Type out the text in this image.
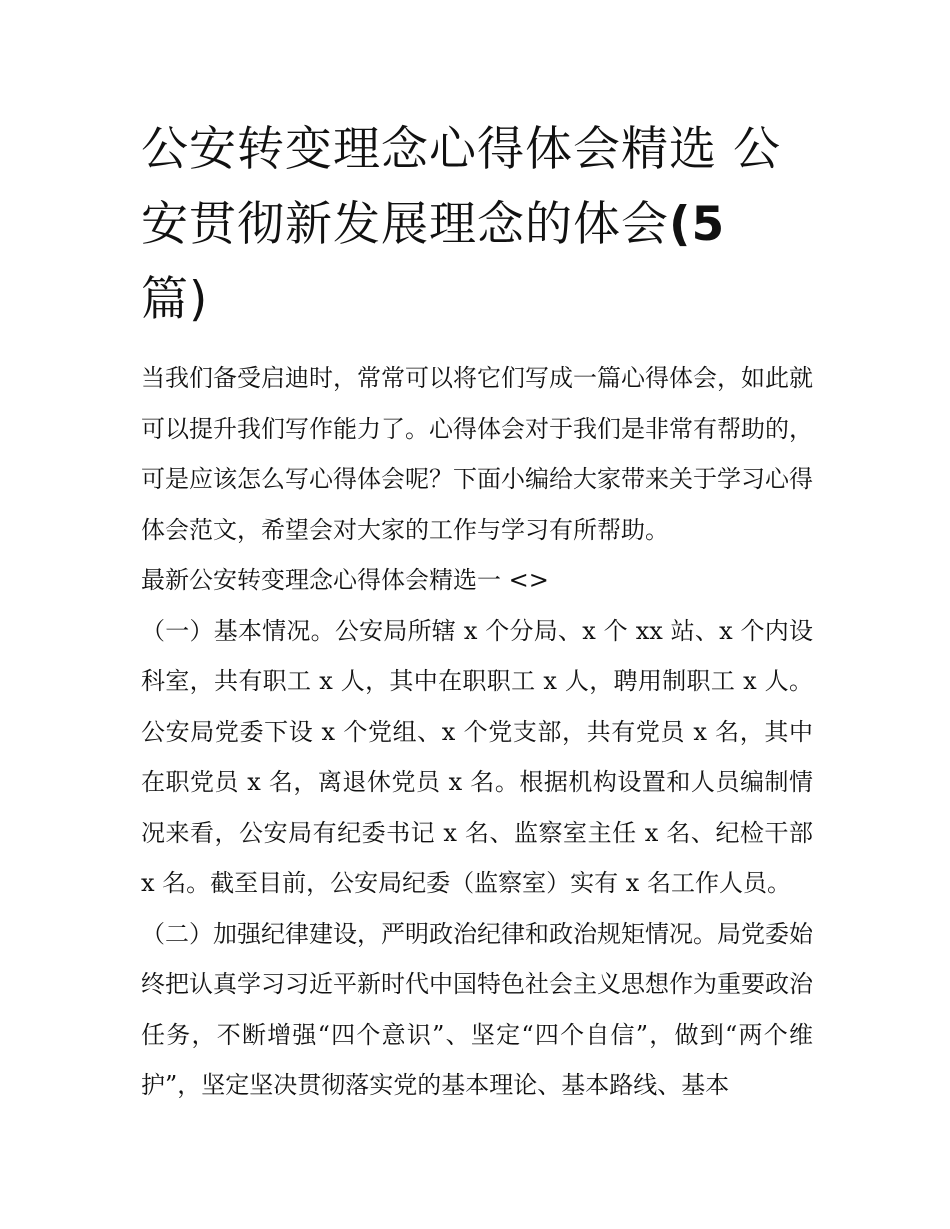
公安转变理念心得体会精选 公安贯彻新发展理念的体会(5
篇)

当我们备受启迪时，常常可以将它们写成一篇心得体会，如此就可以提升我们写作能力了。心得体会对于我们是非常有帮助的，可是应该怎么写心得体会呢？下面小编给大家带来关于学习心得体会范文，希望会对大家的工作与学习有所帮助。

最新公安转变理念心得体会精选一 <>

（一）基本情况。公安局所辖 x 个分局、x 个 xx 站、x 个内设科室，共有职工 x 人，其中在职职工 x 人，聘用制职工 x 人。公安局党委下设 x 个党组、x 个党支部，共有党员 x 名，其中在职党员 x 名，离退休党员 x 名。根据机构设置和人员编制情况来看，公安局有纪委书记 x 名、监察室主任 x 名、纪检干部 x 名。截至目前，公安局纪委（监察室）实有 x 名工作人员。

（二）加强纪律建设，严明政治纪律和政治规矩情况。局党委始终把认真学习习近平新时代中国特色社会主义思想作为重要政治任务，不断增强“四个意识”、坚定“四个自信”，做到“两个维护”，坚定坚决贯彻落实党的基本理论、基本路线、基本
